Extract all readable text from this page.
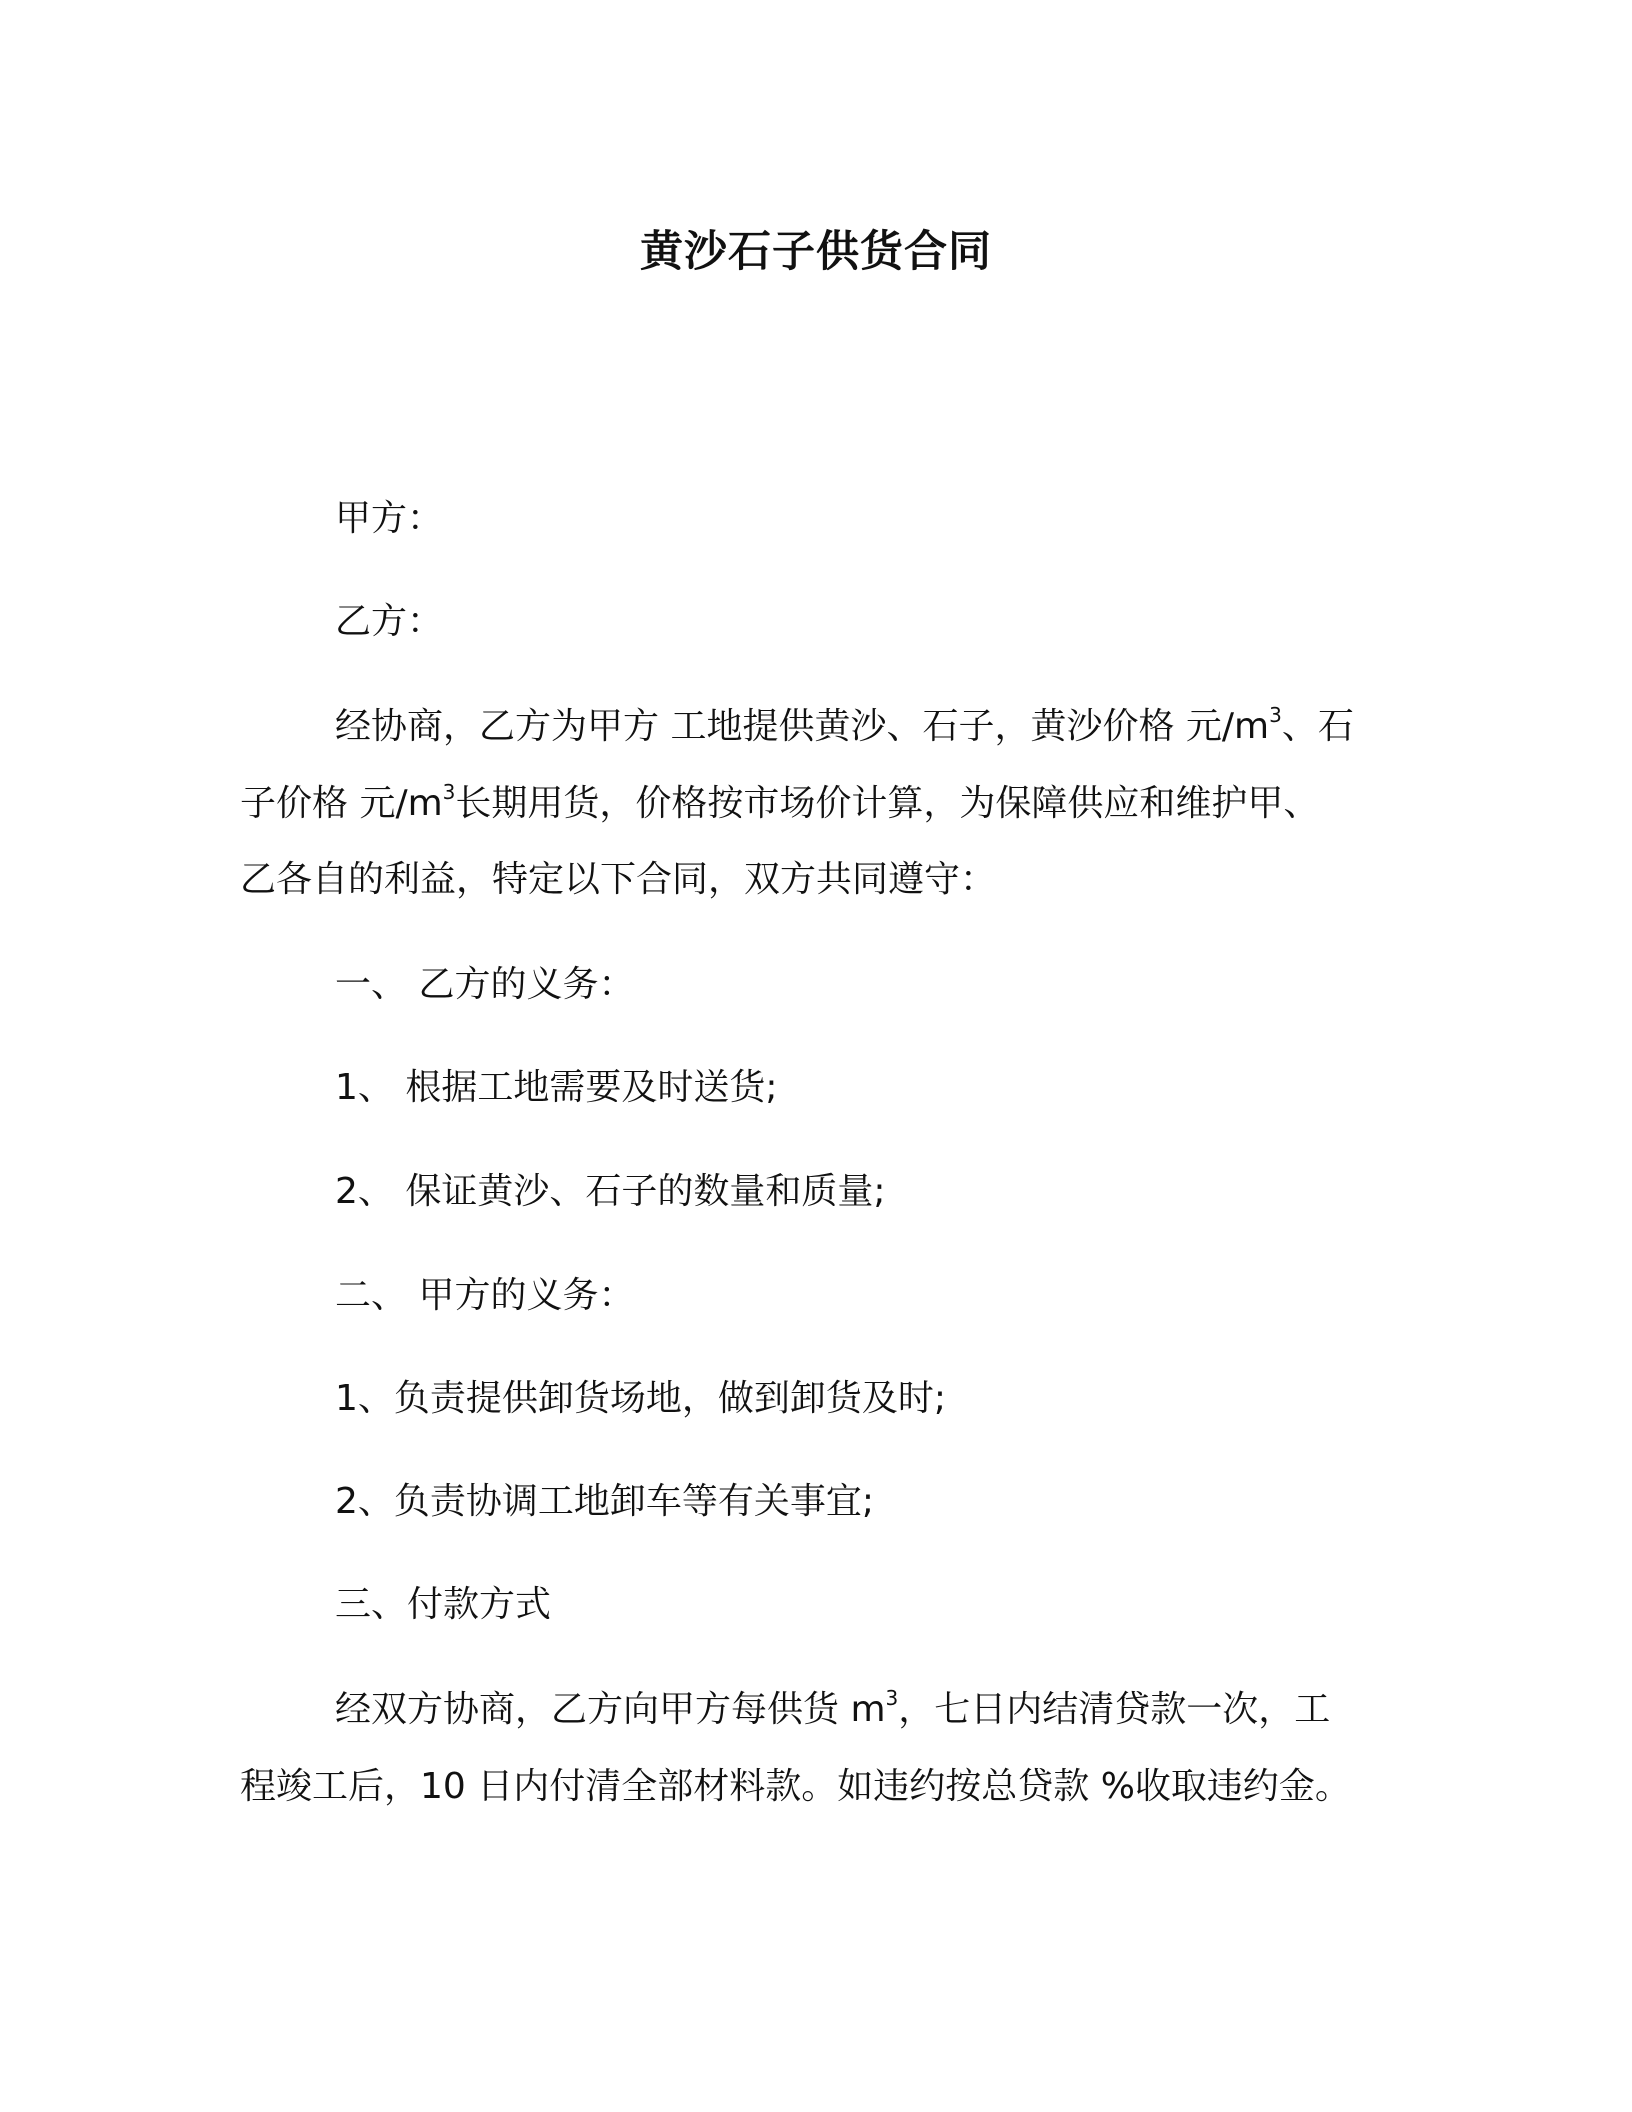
黄沙石子供货合同
甲方：
乙方：
经协商，乙方为甲方 工地提供黄沙、石子，黄沙价格 元$/m^3$、石
子价格 元$/m^3$长期用货，价格按市场价计算，为保障供应和维护甲、
乙各自的利益，特定以下合同，双方共同遵守：
一、 乙方的义务：
1、 根据工地需要及时送货;
2、 保证黄沙、石子的数量和质量;
二、 甲方的义务：
1、负责提供卸货场地，做到卸货及时;
2、负责协调工地卸车等有关事宜;
三、付款方式
经双方协商，乙方向甲方每供货 $m^3$，七日内结清贷款一次，工
程竣工后，10 日内付清全部材料款。如违约按总贷款 %收取违约金。
